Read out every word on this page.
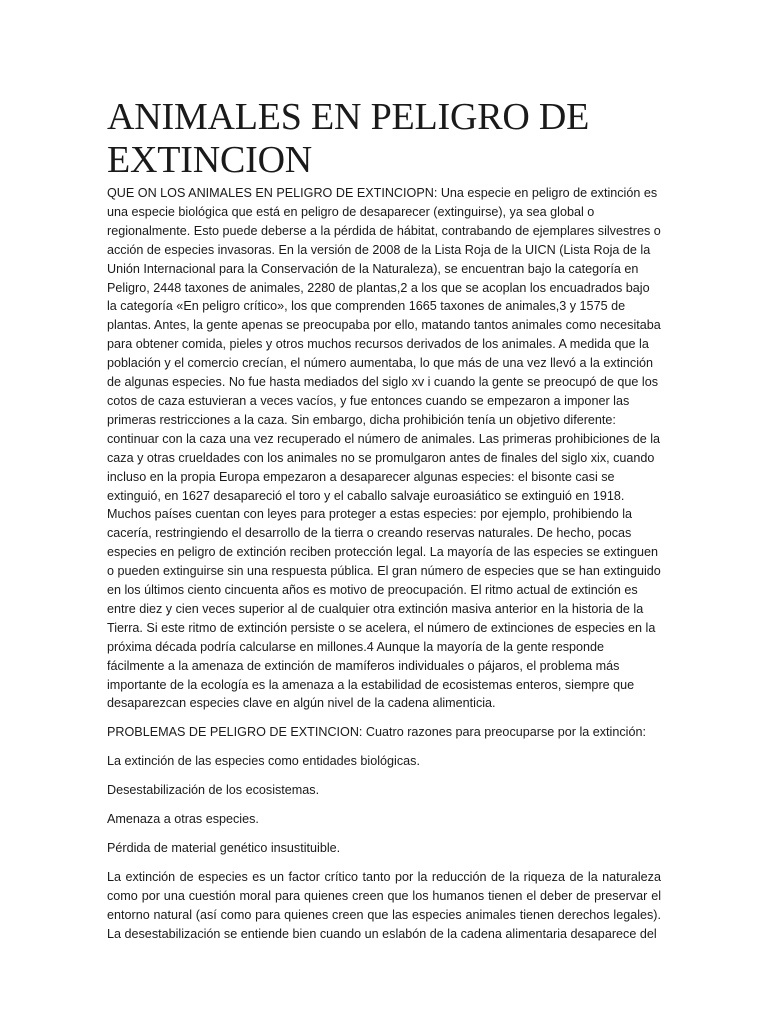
ANIMALES EN PELIGRO DE EXTINCION

QUE ON LOS ANIMALES EN PELIGRO DE EXTINCIOPN: Una especie en peligro de extinción es una especie biológica que está en peligro de desaparecer (extinguirse), ya sea global o regionalmente. Esto puede deberse a la pérdida de hábitat, contrabando de ejemplares silvestres o acción de especies invasoras. En la versión de 2008 de la Lista Roja de la UICN (Lista Roja de la Unión Internacional para la Conservación de la Naturaleza), se encuentran bajo la categoría en Peligro, 2448 taxones de animales, 2280 de plantas,2 a los que se acoplan los encuadrados bajo la categoría «En peligro crítico», los que comprenden 1665 taxones de animales,3 y 1575 de plantas. Antes, la gente apenas se preocupaba por ello, matando tantos animales como necesitaba para obtener comida, pieles y otros muchos recursos derivados de los animales. A medida que la población y el comercio crecían, el número aumentaba, lo que más de una vez llevó a la extinción de algunas especies. No fue hasta mediados del siglo xv i cuando la gente se preocupó de que los cotos de caza estuvieran a veces vacíos, y fue entonces cuando se empezaron a imponer las primeras restricciones a la caza. Sin embargo, dicha prohibición tenía un objetivo diferente: continuar con la caza una vez recuperado el número de animales. Las primeras prohibiciones de la caza y otras crueldades con los animales no se promulgaron antes de finales del siglo xix, cuando incluso en la propia Europa empezaron a desaparecer algunas especies: el bisonte casi se extinguió, en 1627 desapareció el toro y el caballo salvaje euroasiático se extinguió en 1918. Muchos países cuentan con leyes para proteger a estas especies: por ejemplo, prohibiendo la cacería, restringiendo el desarrollo de la tierra o creando reservas naturales. De hecho, pocas especies en peligro de extinción reciben protección legal. La mayoría de las especies se extinguen o pueden extinguirse sin una respuesta pública. El gran número de especies que se han extinguido en los últimos ciento cincuenta años es motivo de preocupación. El ritmo actual de extinción es entre diez y cien veces superior al de cualquier otra extinción masiva anterior en la historia de la Tierra. Si este ritmo de extinción persiste o se acelera, el número de extinciones de especies en la próxima década podría calcularse en millones.4 Aunque la mayoría de la gente responde fácilmente a la amenaza de extinción de mamíferos individuales o pájaros, el problema más importante de la ecología es la amenaza a la estabilidad de ecosistemas enteros, siempre que desaparezcan especies clave en algún nivel de la cadena alimenticia.

PROBLEMAS DE PELIGRO DE EXTINCION: Cuatro razones para preocuparse por la extinción:

La extinción de las especies como entidades biológicas.

Desestabilización de los ecosistemas.

Amenaza a otras especies.

Pérdida de material genético insustituible.

La extinción de especies es un factor crítico tanto por la reducción de la riqueza de la naturaleza como por una cuestión moral para quienes creen que los humanos tienen el deber de preservar el entorno natural (así como para quienes creen que las especies animales tienen derechos legales). La desestabilización se entiende bien cuando un eslabón de la cadena alimentaria desaparece del
